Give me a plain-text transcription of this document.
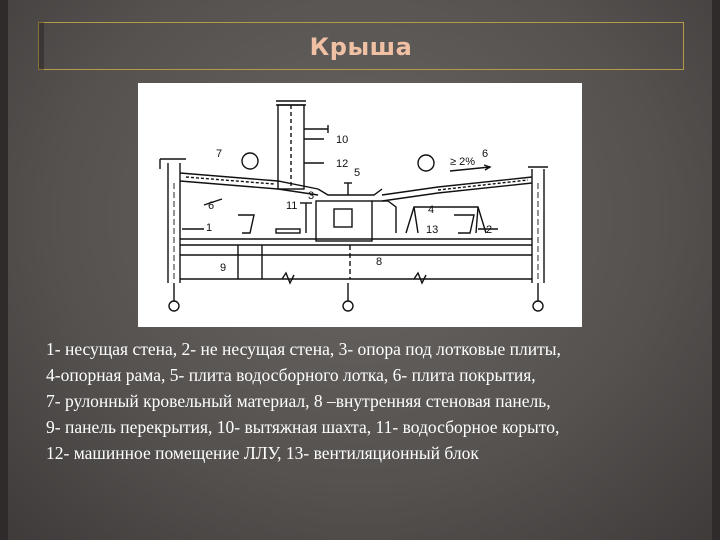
Крыша
10
12
5
7
6
6
≥ 2%
3
11
1
4
13	2
9	8
1- несущая стена, 2- не несущая стена, 3- опора под лотковые плиты,
4-опорная рама, 5- плита водосборного лотка, 6- плита покрытия,
7- рулонный кровельный материал, 8 –внутренняя стеновая панель,
9- панель перекрытия, 10- вытяжная шахта, 11- водосборное корыто,
12- машинное помещение ЛЛУ, 13- вентиляционный блок
